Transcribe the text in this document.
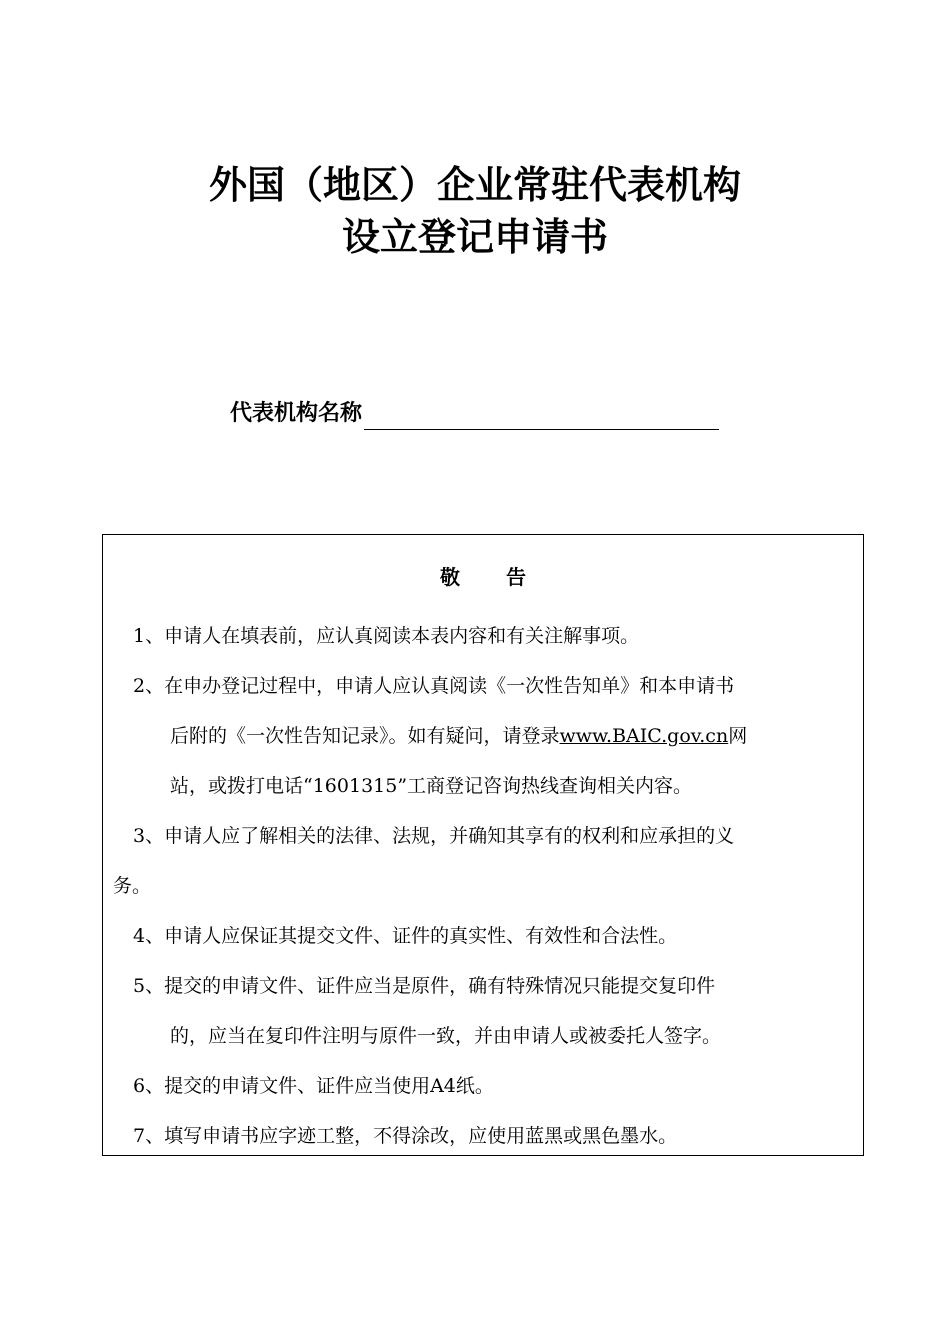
外国（地区）企业常驻代表机构
设立登记申请书
代表机构名称
敬告
1、申请人在填表前，应认真阅读本表内容和有关注解事项。
2、在申办登记过程中，申请人应认真阅读《一次性告知单》和本申请书
后附的《一次性告知记录》。如有疑问，请登录www.BAIC.gov.cn网
站，或拨打电话“1601315”工商登记咨询热线查询相关内容。
3、申请人应了解相关的法律、法规，并确知其享有的权利和应承担的义
务。
4、申请人应保证其提交文件、证件的真实性、有效性和合法性。
5、提交的申请文件、证件应当是原件，确有特殊情况只能提交复印件
的，应当在复印件注明与原件一致，并由申请人或被委托人签字。
6、提交的申请文件、证件应当使用A4纸。
7、填写申请书应字迹工整，不得涂改，应使用蓝黑或黑色墨水。
